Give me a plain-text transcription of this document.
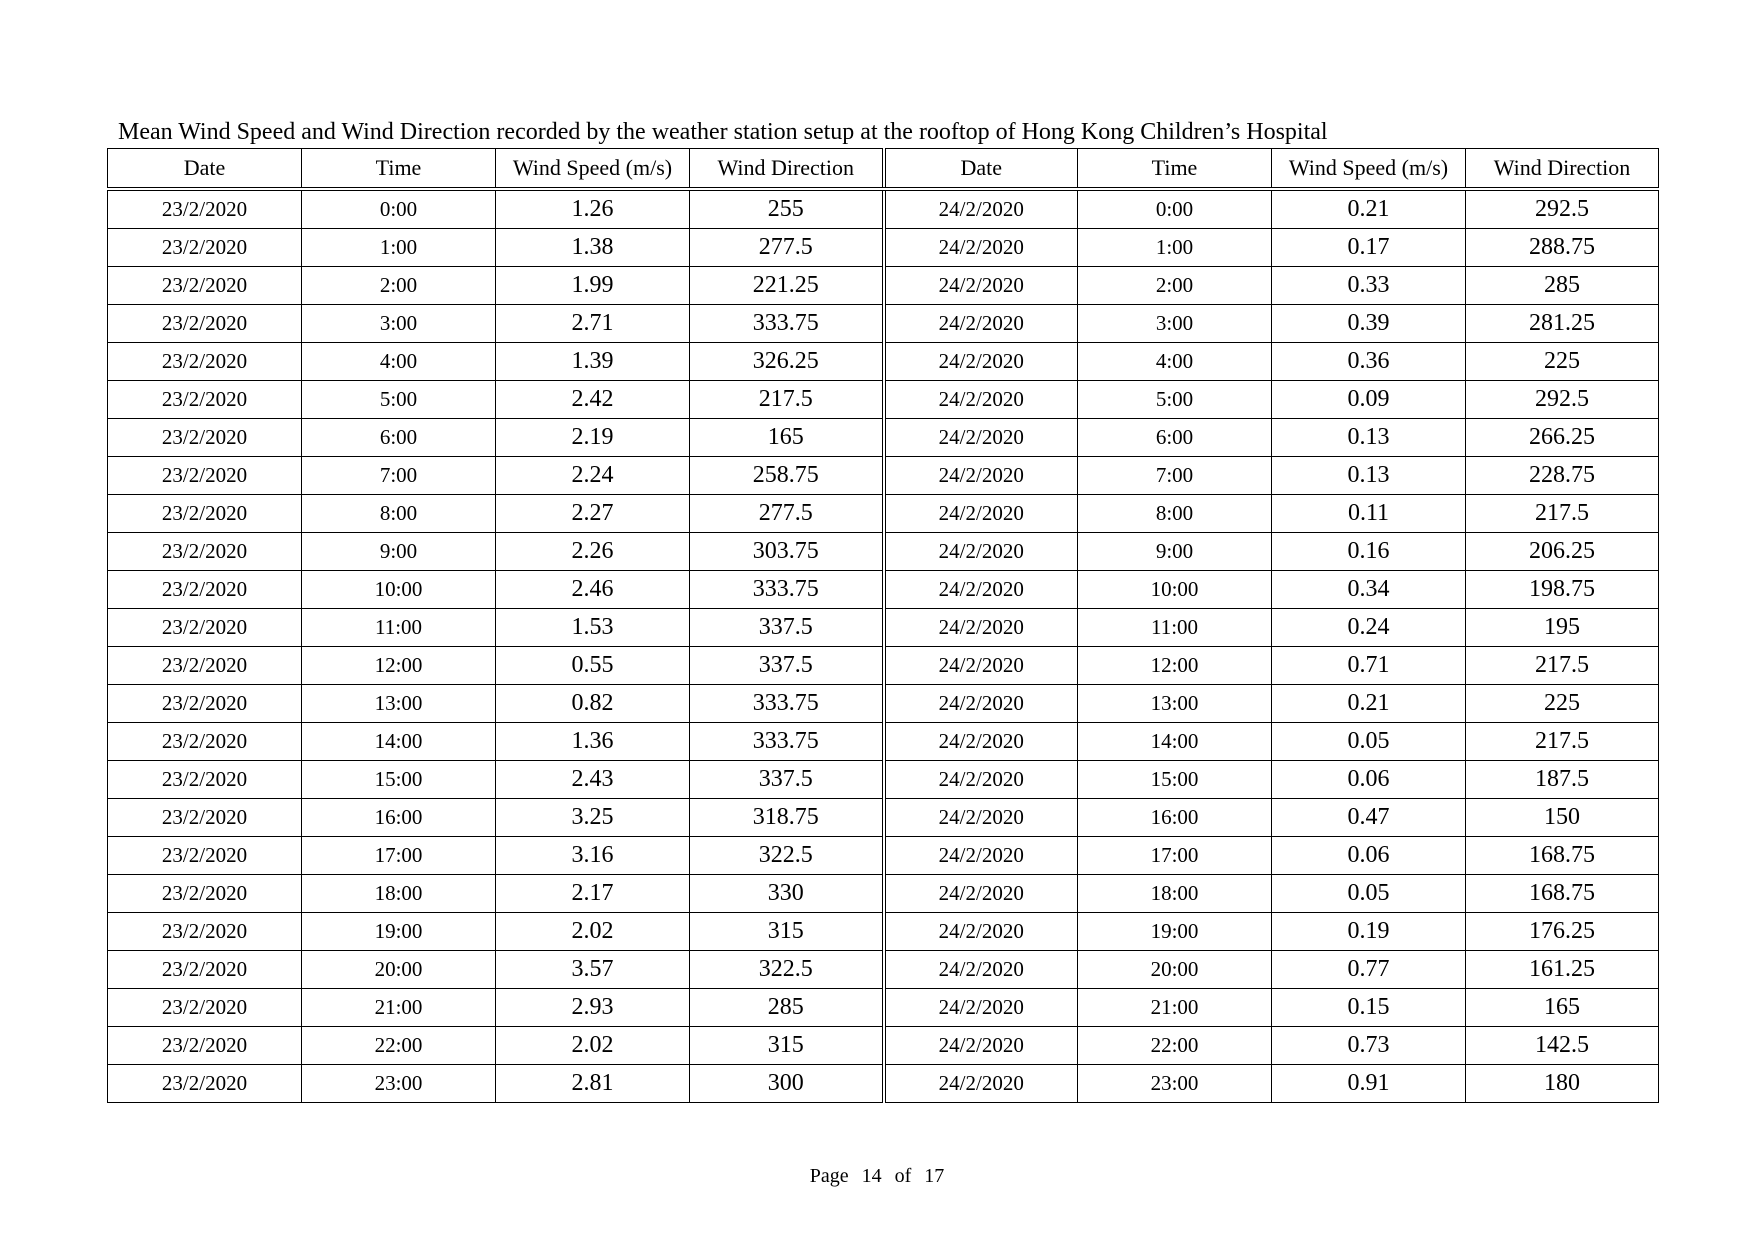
Mean Wind Speed and Wind Direction recorded by the weather station setup at the rooftop of Hong Kong Children’s Hospital
Date	Time	Wind Speed (m/s)	Wind Direction	Date	Time	Wind Speed (m/s)	Wind Direction
23/2/2020	0:00	1.26	255	24/2/2020	0:00	0.21	292.5
23/2/2020	1:00	1.38	277.5	24/2/2020	1:00	0.17	288.75
23/2/2020	2:00	1.99	221.25	24/2/2020	2:00	0.33	285
23/2/2020	3:00	2.71	333.75	24/2/2020	3:00	0.39	281.25
23/2/2020	4:00	1.39	326.25	24/2/2020	4:00	0.36	225
23/2/2020	5:00	2.42	217.5	24/2/2020	5:00	0.09	292.5
23/2/2020	6:00	2.19	165	24/2/2020	6:00	0.13	266.25
23/2/2020	7:00	2.24	258.75	24/2/2020	7:00	0.13	228.75
23/2/2020	8:00	2.27	277.5	24/2/2020	8:00	0.11	217.5
23/2/2020	9:00	2.26	303.75	24/2/2020	9:00	0.16	206.25
23/2/2020	10:00	2.46	333.75	24/2/2020	10:00	0.34	198.75
23/2/2020	11:00	1.53	337.5	24/2/2020	11:00	0.24	195
23/2/2020	12:00	0.55	337.5	24/2/2020	12:00	0.71	217.5
23/2/2020	13:00	0.82	333.75	24/2/2020	13:00	0.21	225
23/2/2020	14:00	1.36	333.75	24/2/2020	14:00	0.05	217.5
23/2/2020	15:00	2.43	337.5	24/2/2020	15:00	0.06	187.5
23/2/2020	16:00	3.25	318.75	24/2/2020	16:00	0.47	150
23/2/2020	17:00	3.16	322.5	24/2/2020	17:00	0.06	168.75
23/2/2020	18:00	2.17	330	24/2/2020	18:00	0.05	168.75
23/2/2020	19:00	2.02	315	24/2/2020	19:00	0.19	176.25
23/2/2020	20:00	3.57	322.5	24/2/2020	20:00	0.77	161.25
23/2/2020	21:00	2.93	285	24/2/2020	21:00	0.15	165
23/2/2020	22:00	2.02	315	24/2/2020	22:00	0.73	142.5
23/2/2020	23:00	2.81	300	24/2/2020	23:00	0.91	180
Page 14 of 17
